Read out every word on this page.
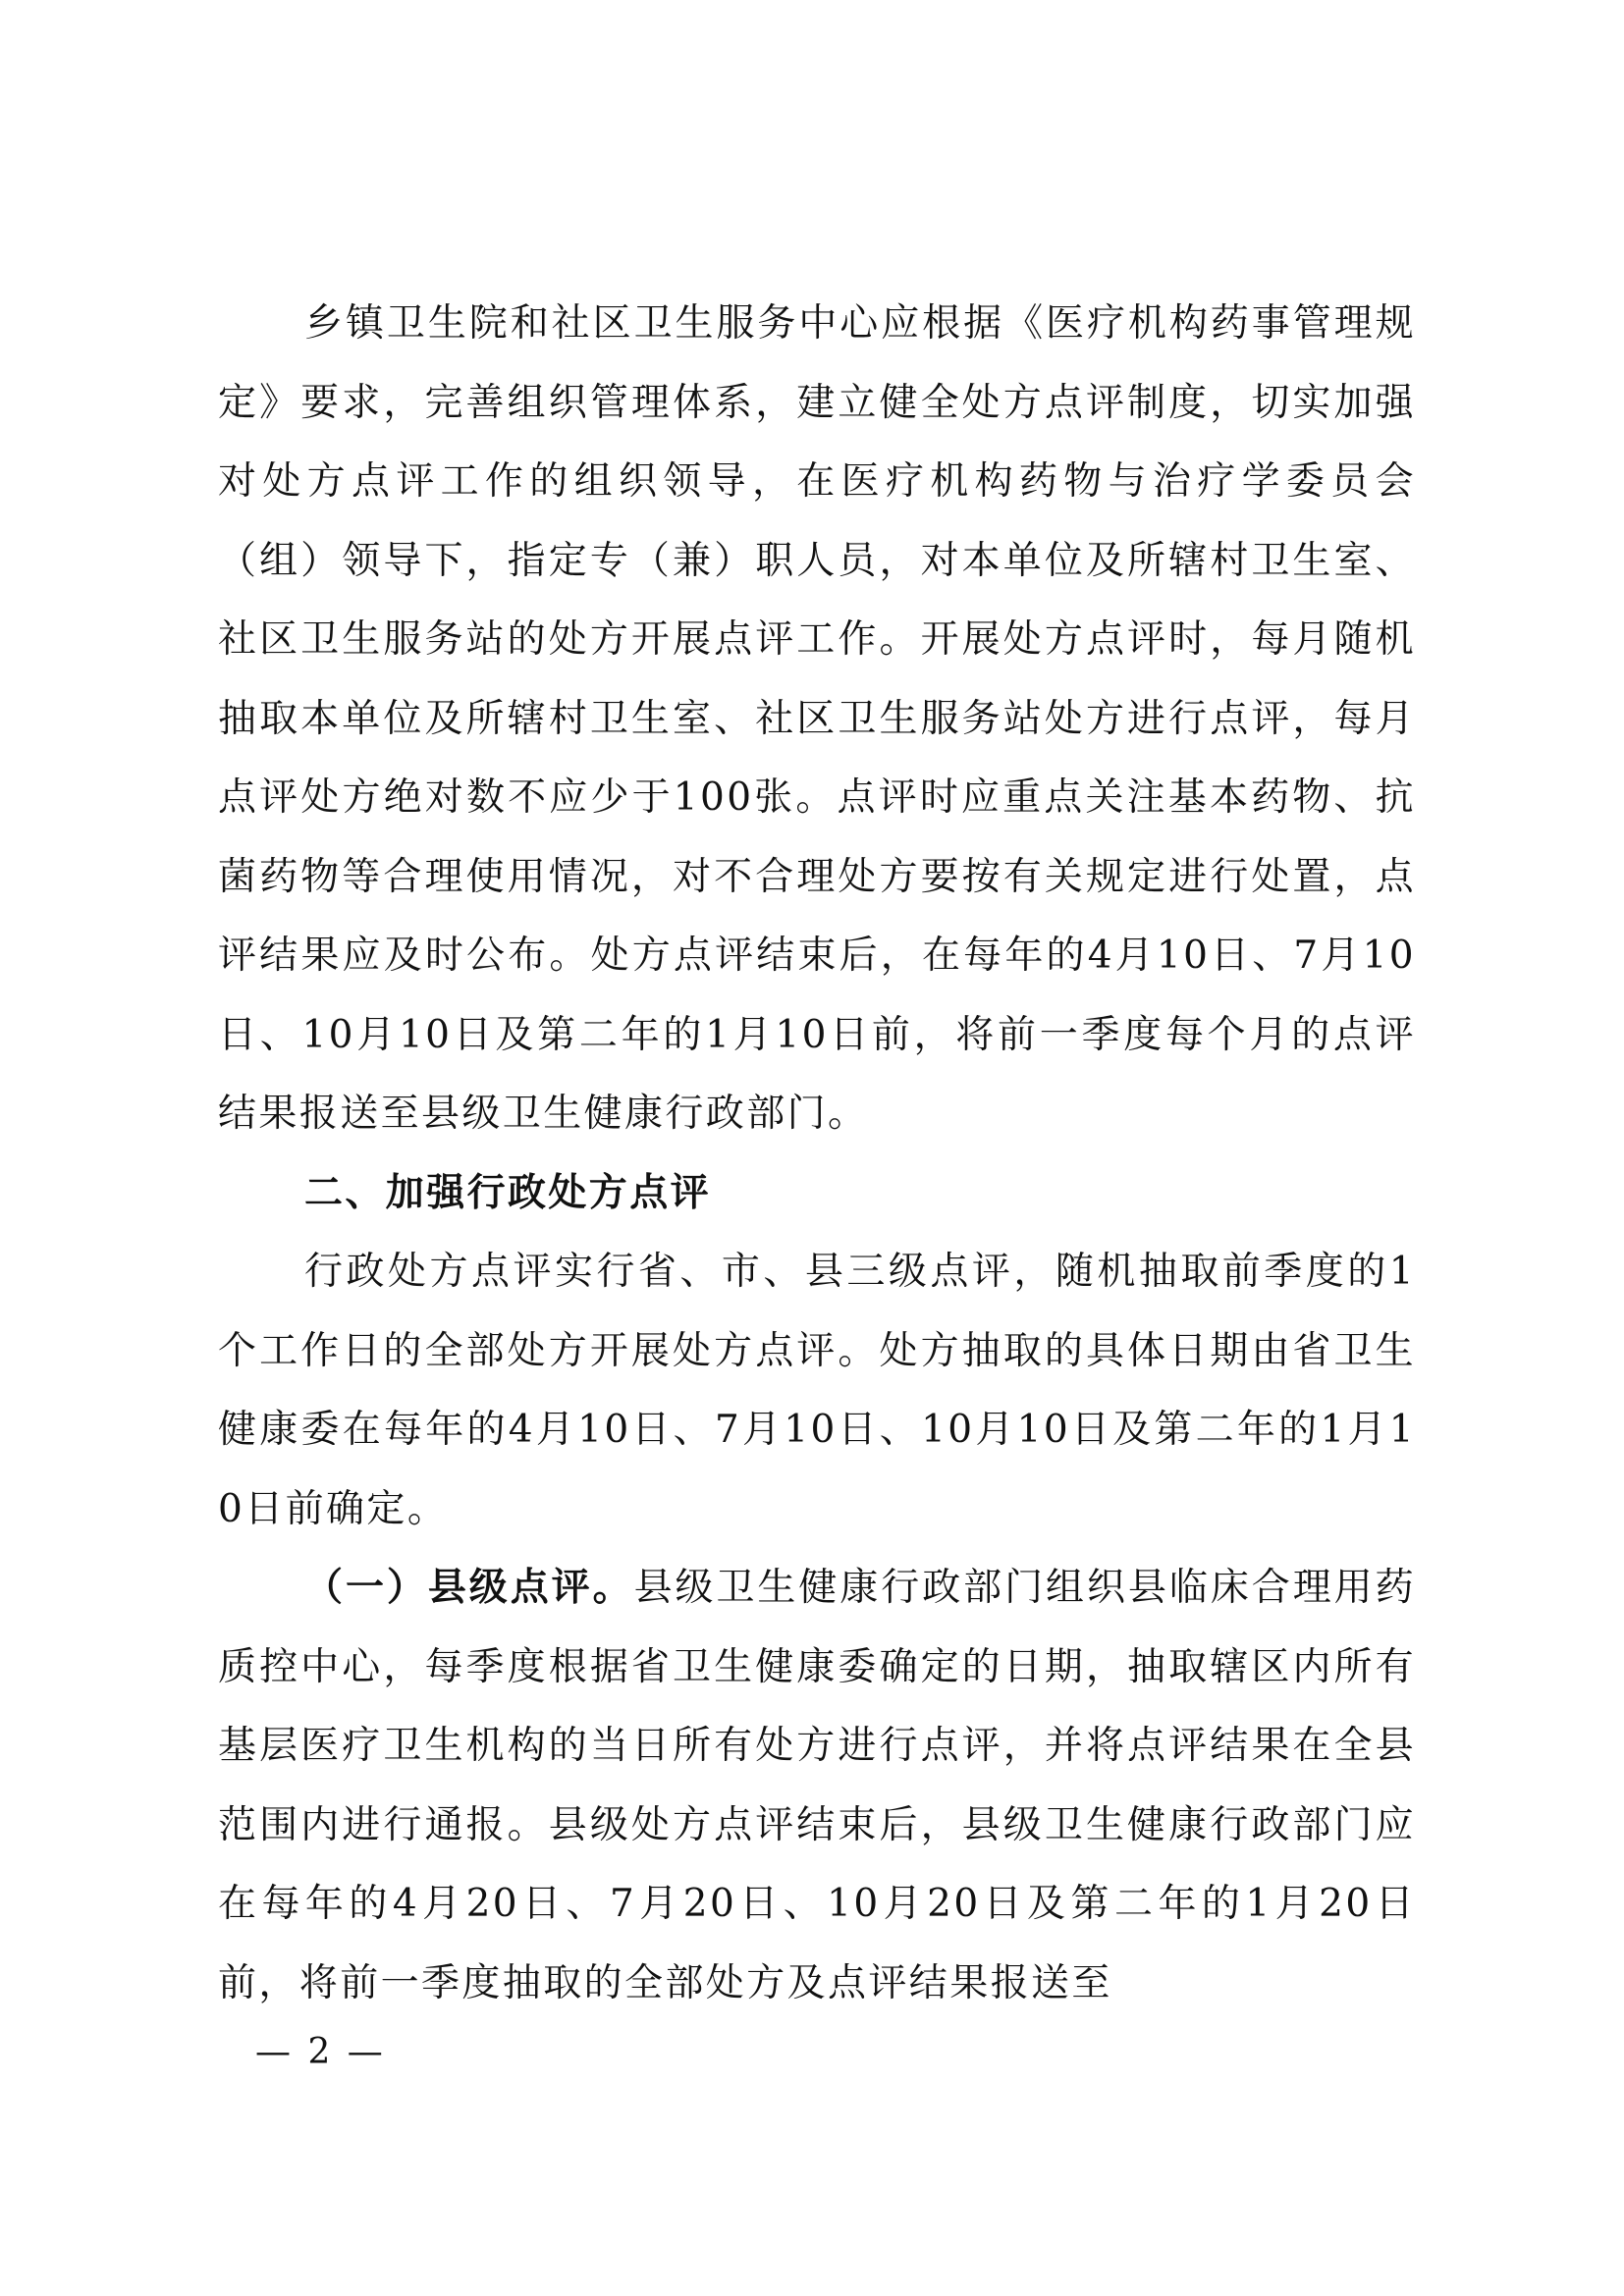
乡镇卫生院和社区卫生服务中心应根据《医疗机构药事管理规定》要求，完善组织管理体系，建立健全处方点评制度，切实加强对处方点评工作的组织领导，在医疗机构药物与治疗学委员会（组）领导下，指定专（兼）职人员，对本单位及所辖村卫生室、社区卫生服务站的处方开展点评工作。开展处方点评时，每月随机抽取本单位及所辖村卫生室、社区卫生服务站处方进行点评，每月点评处方绝对数不应少于100张。点评时应重点关注基本药物、抗菌药物等合理使用情况，对不合理处方要按有关规定进行处置，点评结果应及时公布。处方点评结束后，在每年的4月10日、7月10日、10月10日及第二年的1月10日前，将前一季度每个月的点评结果报送至县级卫生健康行政部门。

二、加强行政处方点评

行政处方点评实行省、市、县三级点评，随机抽取前季度的1个工作日的全部处方开展处方点评。处方抽取的具体日期由省卫生健康委在每年的4月10日、7月10日、10月10日及第二年的1月10日前确定。

（一）县级点评。县级卫生健康行政部门组织县临床合理用药质控中心，每季度根据省卫生健康委确定的日期，抽取辖区内所有基层医疗卫生机构的当日所有处方进行点评，并将点评结果在全县范围内进行通报。县级处方点评结束后，县级卫生健康行政部门应在每年的4月20日、7月20日、10月20日及第二年的1月20日前，将前一季度抽取的全部处方及点评结果报送至

— 2 —
